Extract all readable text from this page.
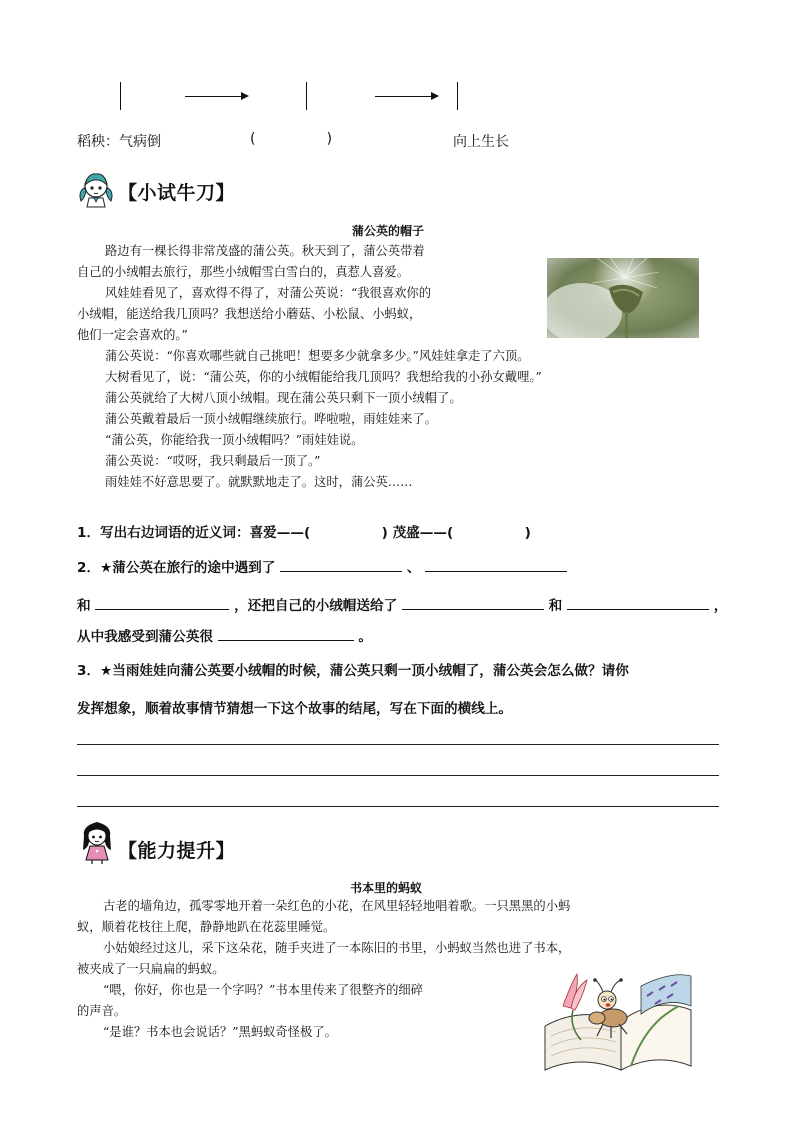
稻秧：气病倒	(                )	向上生长
【小试牛刀】
蒲公英的帽子

路边有一棵长得非常茂盛的蒲公英。秋天到了，蒲公英带着

自己的小绒帽去旅行，那些小绒帽雪白雪白的，真惹人喜爱。

风娃娃看见了，喜欢得不得了，对蒲公英说：“我很喜欢你的

小绒帽，能送给我几顶吗？我想送给小蘑菇、小松鼠、小蚂蚁，

他们一定会喜欢的。”

蒲公英说：“你喜欢哪些就自己挑吧！想要多少就拿多少。”风娃娃拿走了六顶。

大树看见了，说：“蒲公英，你的小绒帽能给我几顶吗？我想给我的小孙女戴哩。”

蒲公英就给了大树八顶小绒帽。现在蒲公英只剩下一顶小绒帽了。

蒲公英戴着最后一顶小绒帽继续旅行。哗啦啦，雨娃娃来了。

“蒲公英，你能给我一顶小绒帽吗？”雨娃娃说。

蒲公英说：“哎呀，我只剩最后一顶了。”

雨娃娃不好意思要了。就默默地走了。这时，蒲公英……

1．写出右边词语的近义词：喜爱——(	) 茂盛——(	)
2．★蒲公英在旅行的途中遇到了	、
和	，还把自己的小绒帽送给了	和	，
从中我感受到蒲公英很	。
3．★当雨娃娃向蒲公英要小绒帽的时候，蒲公英只剩一顶小绒帽了，蒲公英会怎么做？请你
发挥想象，顺着故事情节猜想一下这个故事的结尾，写在下面的横线上。
【能力提升】
书本里的蚂蚁

古老的墙角边，孤零零地开着一朵红色的小花，在风里轻轻地唱着歌。一只黑黑的小蚂

蚁，顺着花枝往上爬，静静地趴在花蕊里睡觉。

小姑娘经过这儿，采下这朵花，随手夹进了一本陈旧的书里，小蚂蚁当然也进了书本，

被夹成了一只扁扁的蚂蚁。

“喂，你好，你也是一个字吗？”书本里传来了很整齐的细碎

的声音。

“是谁？书本也会说话？”黑蚂蚁奇怪极了。
